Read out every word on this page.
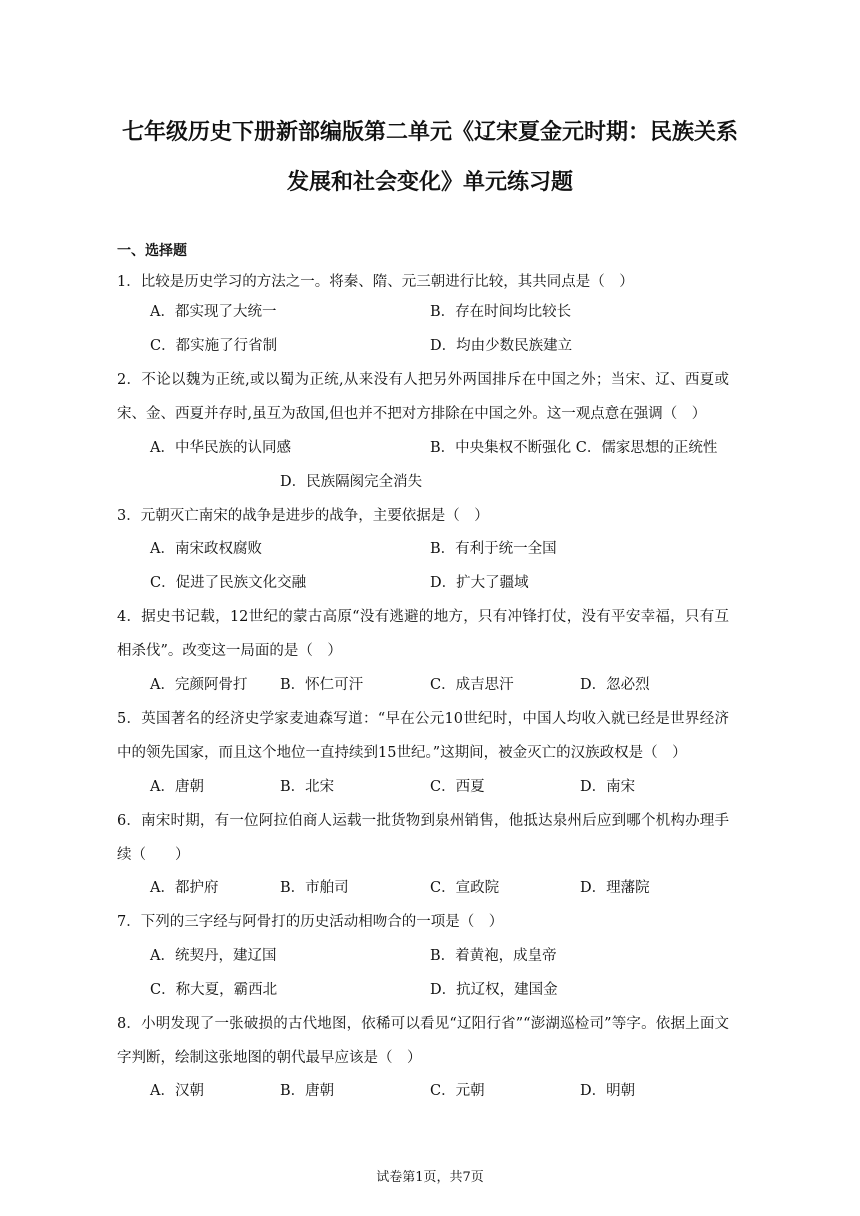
七年级历史下册新部编版第二单元《辽宋夏金元时期：民族关系
发展和社会变化》单元练习题
一、选择题
1．比较是历史学习的方法之一。将秦、隋、元三朝进行比较，其共同点是（　）
A．都实现了大统一	B．存在时间均比较长
C．都实施了行省制	D．均由少数民族建立
2．不论以魏为正统,或以蜀为正统,从来没有人把另外两国排斥在中国之外；当宋、辽、西夏或宋、金、西夏并存时,虽互为敌国,但也并不把对方排除在中国之外。这一观点意在强调（　）
A．中华民族的认同感	B．中央集权不断强化 C．儒家思想的正统性
D．民族隔阂完全消失
3．元朝灭亡南宋的战争是进步的战争，主要依据是（　）
A．南宋政权腐败	B．有利于统一全国
C．促进了民族文化交融	D．扩大了疆域
4．据史书记载，12世纪的蒙古高原“没有逃避的地方，只有冲锋打仗，没有平安幸福，只有互相杀伐”。改变这一局面的是（　）
A．完颜阿骨打 B．怀仁可汗	C．成吉思汗	D．忽必烈
5．英国著名的经济史学家麦迪森写道：“早在公元10世纪时，中国人均收入就已经是世界经济中的领先国家，而且这个地位一直持续到15世纪。”这期间，被金灭亡的汉族政权是（　）
A．唐朝	B．北宋	C．西夏	D．南宋
6．南宋时期，有一位阿拉伯商人运载一批货物到泉州销售，他抵达泉州后应到哪个机构办理手续（　　）
A．都护府	B．市舶司	C．宣政院	D．理藩院
7．下列的三字经与阿骨打的历史活动相吻合的一项是（　）
A．统契丹，建辽国	B．着黄袍，成皇帝
C．称大夏，霸西北	D．抗辽权，建国金
8．小明发现了一张破损的古代地图，依稀可以看见“辽阳行省”“澎湖巡检司”等字。依据上面文字判断，绘制这张地图的朝代最早应该是（　）
A．汉朝	B．唐朝	C．元朝	D．明朝
试卷第1页，共7页
